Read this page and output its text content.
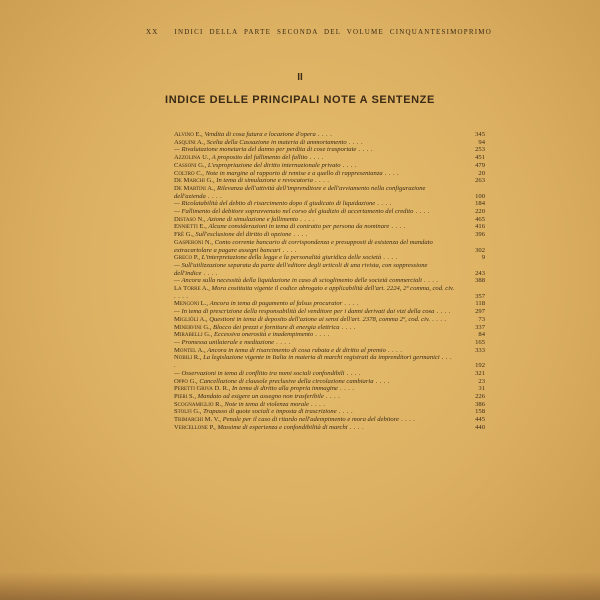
XX INDICI DELLA PARTE SECONDA DEL VOLUME CINQUANTESIMOPRIMO
II
INDICE DELLE PRINCIPALI NOTE A SENTENZE
Alvino E., Vendita di cosa futura e locazione d'opera . . . .	345
Asquini A., Scelta della Cassazione in materia di ammortamento . . . .	94
— Rivalutazione monetaria del danno per perdita di cose trasportate . . . .	253
Azzolina U., A proposito del fallimento del fallito . . . .	451
Cassoni G., L'espropriazione del diritto internazionale privato . . . .	479
Coltro C., Note in margine al rapporto di remise e a quello di rappresentanza . . . .	20
De Marchi G., In tema di simulazione e revocatoria . . . .	263
De Martini A., Rilevanza dell'attività dell'imprenditore e dell'avviamento nella configurazione dell'azienda . . . .	100
— Ricolatabilità del debito di risarcimento dopo il giudicato di liquidazione . . . .	184
— Fallimento del debitore sopravvenuto nel corso del giudizio di accertamento del credito . . . .	220
Distaso N., Azione di simulazione e fallimento . . . .	465
Ennietti E., Alcune considerazioni in tema di contratto per persona da nominare . . . .	416
Frè G., Sull'esclusione del diritto di opzione . . . .	396
Gasperoni N., Conto corrente bancario di corrispondenza e presupposti di esistenza del mandato extracartolare a pagare assegni bancari . . . .	302
Greco P., L'interpretazione della legge e la personalità giuridica delle società . . . .	9
— Sull'utilizzazione separata da parte dell'editore degli articoli di una rivista, con soppressione dell'indice . . . .	243
— Ancora sulla necessità della liquidazione in caso di scioglimento delle società commerciali . . . .	388
La Torre A., Mora costituita vigente il codice abrogato e applicabilità dell'art. 2224, 2º comma, cod. civ. . . . .	357
Mengoni L., Ancora in tema di pagamento al falsus procurator . . . .	118
— In tema di prescrizione della responsabilità del venditore per i danni derivati dai vizi della cosa . . . .	297
Migliöli A., Questioni in tema di deposito dell'azione ai sensi dell'art. 2378, comma 2º, cod. civ. . . . .	73
Minervini G., Blocco dei prezzi e forniture di energia elettrica . . . .	337
Mirabelli G., Eccessiva onerosità e inadempimento . . . .	84
— Promessa unilaterale e mediazione . . . .	165
Montel A., Ancora in tema di risarcimento di cosa rubata e di diritto al premio . . . .	333
Nobili R., La legislazione vigente in Italia in materia di marchi registrati da imprenditori germanici . . . .	192
— Osservazioni in tema di conflitto tra nomi sociali confondibili . . . .	321
Oppo G., Cancellazione di clausole preclusive della circolazione cambiaria . . . .	23
Peretti Griva D. R., In tema di diritto alla propria immagine . . . .	31
Pieri S., Mandato ad esigere un assegno non trasferibile . . . .	226
Scognamiglio R., Note in tema di violenza morale . . . .	386
Stolfi G., Trapasso di quote sociali e imposta di trascrizione . . . .	158
Trimarchi M. V., Penale per il caso di ritardo nell'adempimento e mora del debitore . . . .	445
Vercellone P., Massime di esperienza e confondibilità di marchi . . . .	440
